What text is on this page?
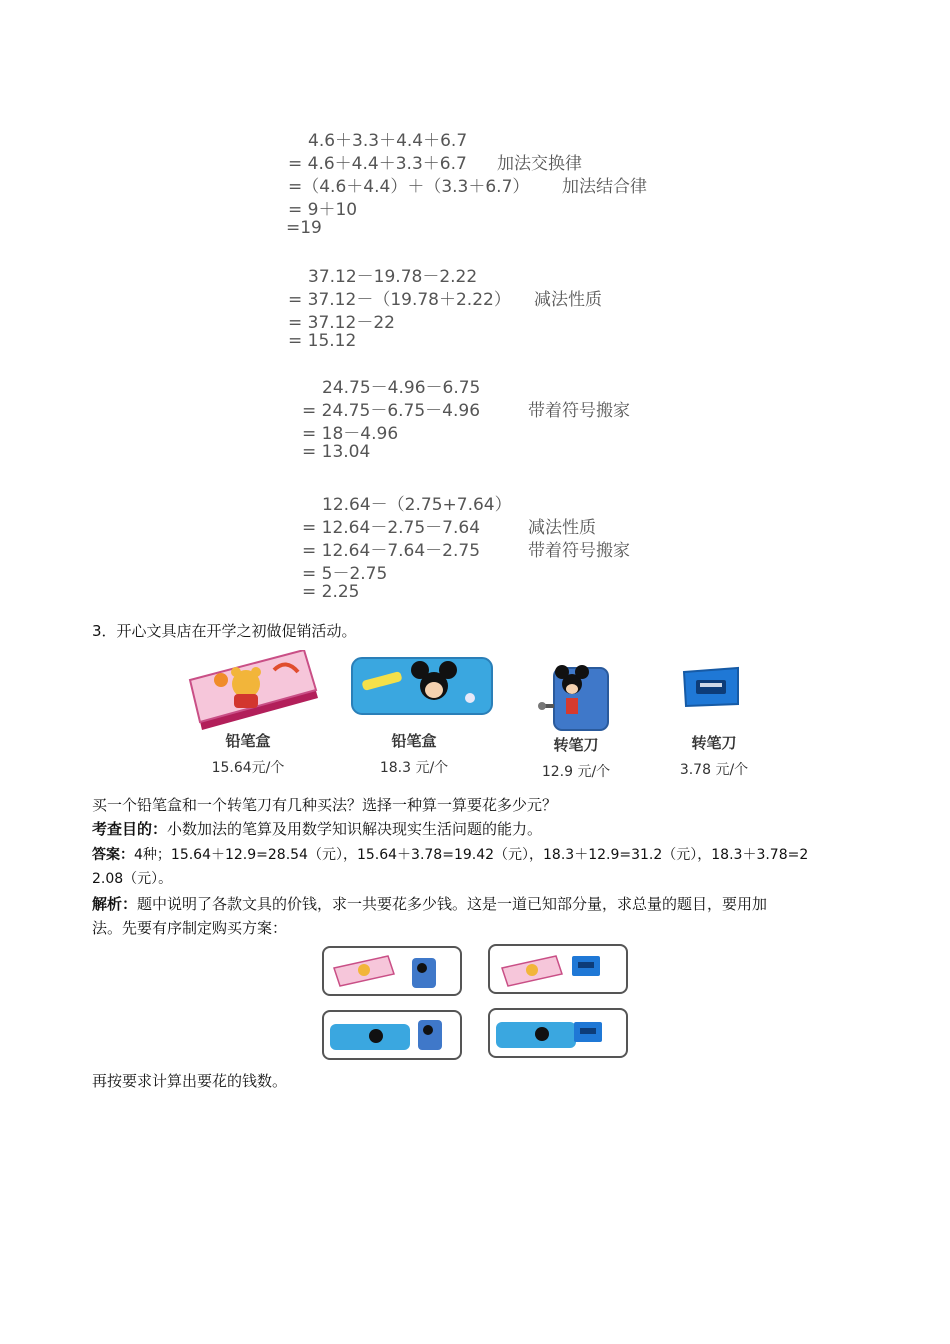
4.6＋3.3＋4.4＋6.7
= 4.6＋4.4＋3.3＋6.7 加法交换律
=（4.6＋4.4）＋（3.3＋6.7） 加法结合律
= 9＋10
=19
37.12－19.78－2.22
= 37.12－（19.78＋2.22） 减法性质
= 37.12－22
= 15.12
24.75－4.96－6.75
= 24.75－6.75－4.96	带着符号搬家
= 18－4.96
= 13.04
12.64－（2.75+7.64）
= 12.64－2.75－7.64	减法性质
= 12.64－7.64－2.75	带着符号搬家
= 5－2.75
= 2.25
3．开心文具店在开学之初做促销活动。
铅笔盒
15.64元/个
铅笔盒
18.3 元/个
转笔刀
12.9 元/个
转笔刀
3.78 元/个
买一个铅笔盒和一个转笔刀有几种买法？选择一种算一算要花多少元？
考查目的：小数加法的笔算及用数学知识解决现实生活问题的能力。
答案：4种；15.64＋12.9=28.54（元），15.64＋3.78=19.42（元），18.3＋12.9=31.2（元），18.3＋3.78=2
2.08（元）。
解析：题中说明了各款文具的价钱，求一共要花多少钱。这是一道已知部分量，求总量的题目，要用加
法。先要有序制定购买方案：
再按要求计算出要花的钱数。
